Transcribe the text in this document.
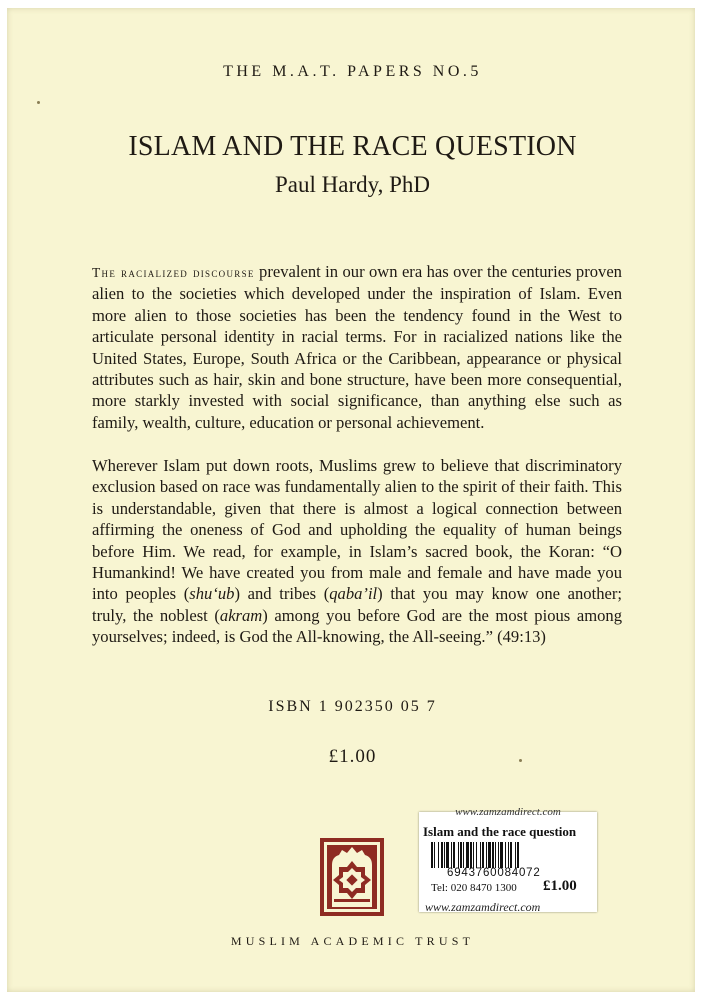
THE M.A.T. PAPERS NO.5
ISLAM AND THE RACE QUESTION
Paul Hardy, PhD

The racialized discourse prevalent in our own era has over the centuries proven alien to the societies which developed under the inspiration of Islam. Even more alien to those societies has been the tendency found in the West to articulate personal identity in racial terms. For in racialized nations like the United States, Europe, South Africa or the Caribbean, appearance or physical attributes such as hair, skin and bone structure, have been more consequential, more starkly invested with social significance, than anything else such as family, wealth, culture, education or personal achievement.

Wherever Islam put down roots, Muslims grew to believe that discriminatory exclusion based on race was fundamentally alien to the spirit of their faith. This is understandable, given that there is almost a logical connection between affirming the oneness of God and upholding the equality of human beings before Him. We read, for example, in Islam’s sacred book, the Koran: “O Humankind! We have created you from male and female and have made you into peoples (shu‘ub) and tribes (qaba’il) that you may know one another; truly, the noblest (akram) among you before God are the most pious among yourselves; indeed, is God the All-knowing, the All-seeing.” (49:13)

ISBN 1 902350 05 7
£1.00
MUSLIM ACADEMIC TRUST
www.zamzamdirect.com
Islam and the race question
6943760084072
Tel: 020 8470 1300 £1.00
www.zamzamdirect.com
